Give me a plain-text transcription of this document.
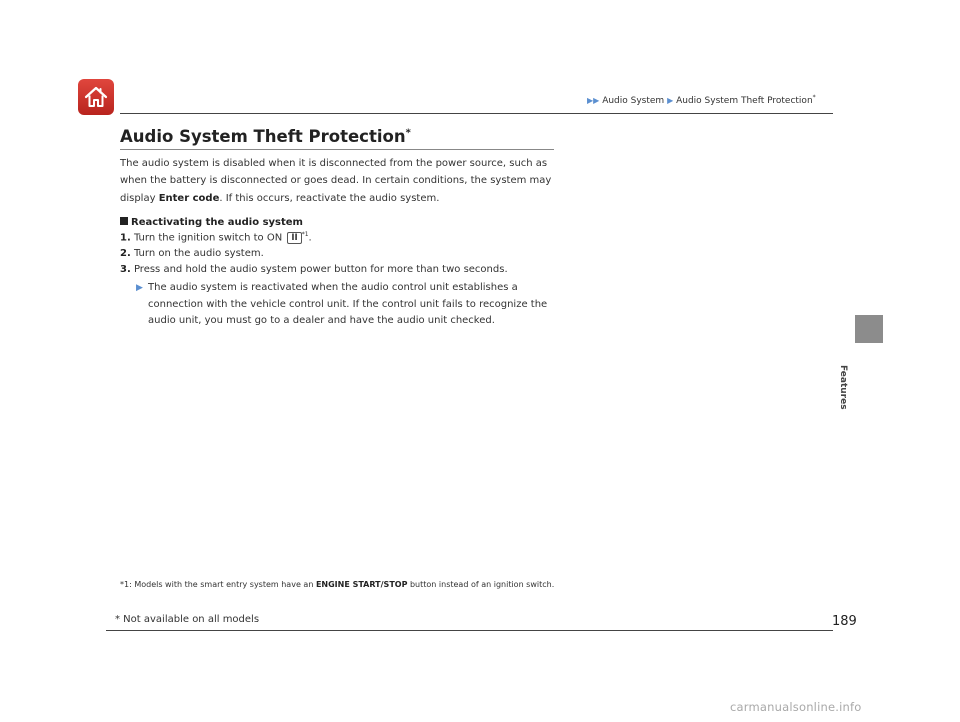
▶▶ Audio System ▶ Audio System Theft Protection*
Audio System Theft Protection*

The audio system is disabled when it is disconnected from the power source, such as when the battery is disconnected or goes dead. In certain conditions, the system may display Enter code. If this occurs, reactivate the audio system.

Reactivating the audio system
1. Turn the ignition switch to ON II $^{*1}$.
2. Turn on the audio system.
3. Press and hold the audio system power button for more than two seconds.
▶ The audio system is reactivated when the audio control unit establishes a connection with the vehicle control unit. If the control unit fails to recognize the audio unit, you must go to a dealer and have the audio unit checked.

*1: Models with the smart entry system have an ENGINE START/STOP button instead of an ignition switch.

189
* Not available on all models
Features
carmanualsonline.info
